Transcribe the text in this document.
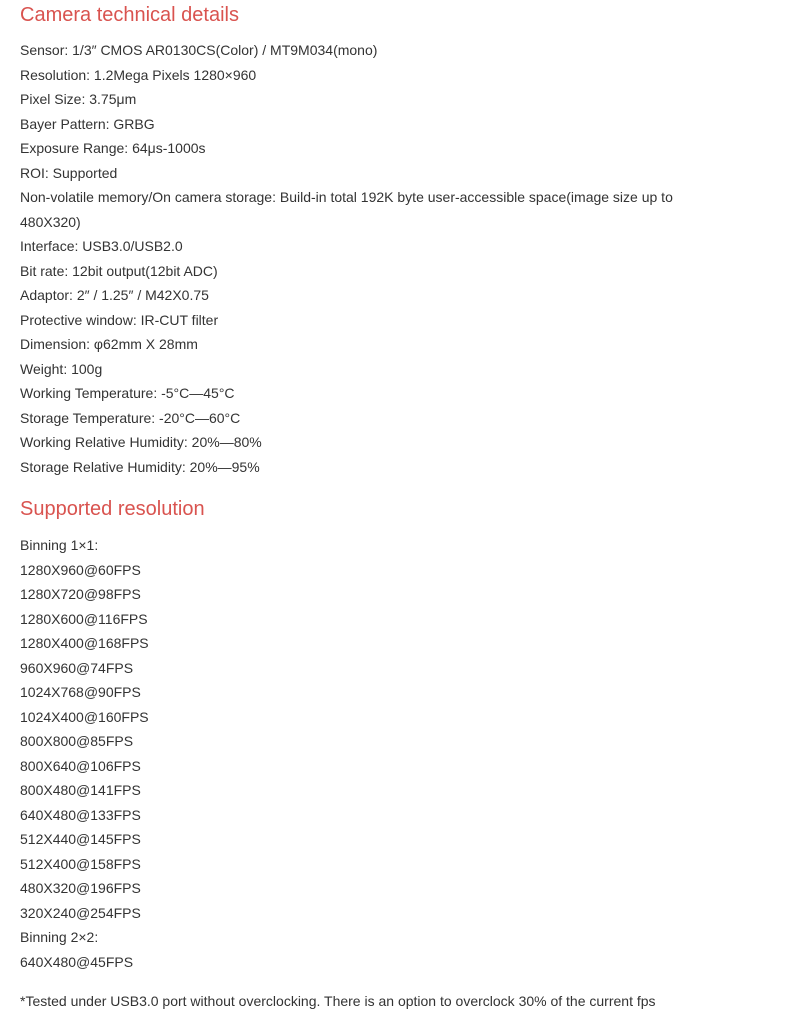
Camera technical details
Sensor: 1/3″ CMOS AR0130CS(Color) / MT9M034(mono)
Resolution: 1.2Mega Pixels 1280×960
Pixel Size: 3.75μm
Bayer Pattern: GRBG
Exposure Range: 64μs-1000s
ROI: Supported
Non-volatile memory/On camera storage: Build-in total 192K byte user-accessible space(image size up to 480X320)
Interface: USB3.0/USB2.0
Bit rate: 12bit output(12bit ADC)
Adaptor: 2″ / 1.25″ / M42X0.75
Protective window: IR-CUT filter
Dimension: φ62mm X 28mm
Weight: 100g
Working Temperature: -5°C—45°C
Storage Temperature: -20°C—60°C
Working Relative Humidity: 20%—80%
Storage Relative Humidity: 20%—95%
Supported resolution
Binning 1×1:
1280X960@60FPS
1280X720@98FPS
1280X600@116FPS
1280X400@168FPS
960X960@74FPS
1024X768@90FPS
1024X400@160FPS
800X800@85FPS
800X640@106FPS
800X480@141FPS
640X480@133FPS
512X440@145FPS
512X400@158FPS
480X320@196FPS
320X240@254FPS
Binning 2×2:
640X480@45FPS

*Tested under USB3.0 port without overclocking. There is an option to overclock 30% of the current fps
